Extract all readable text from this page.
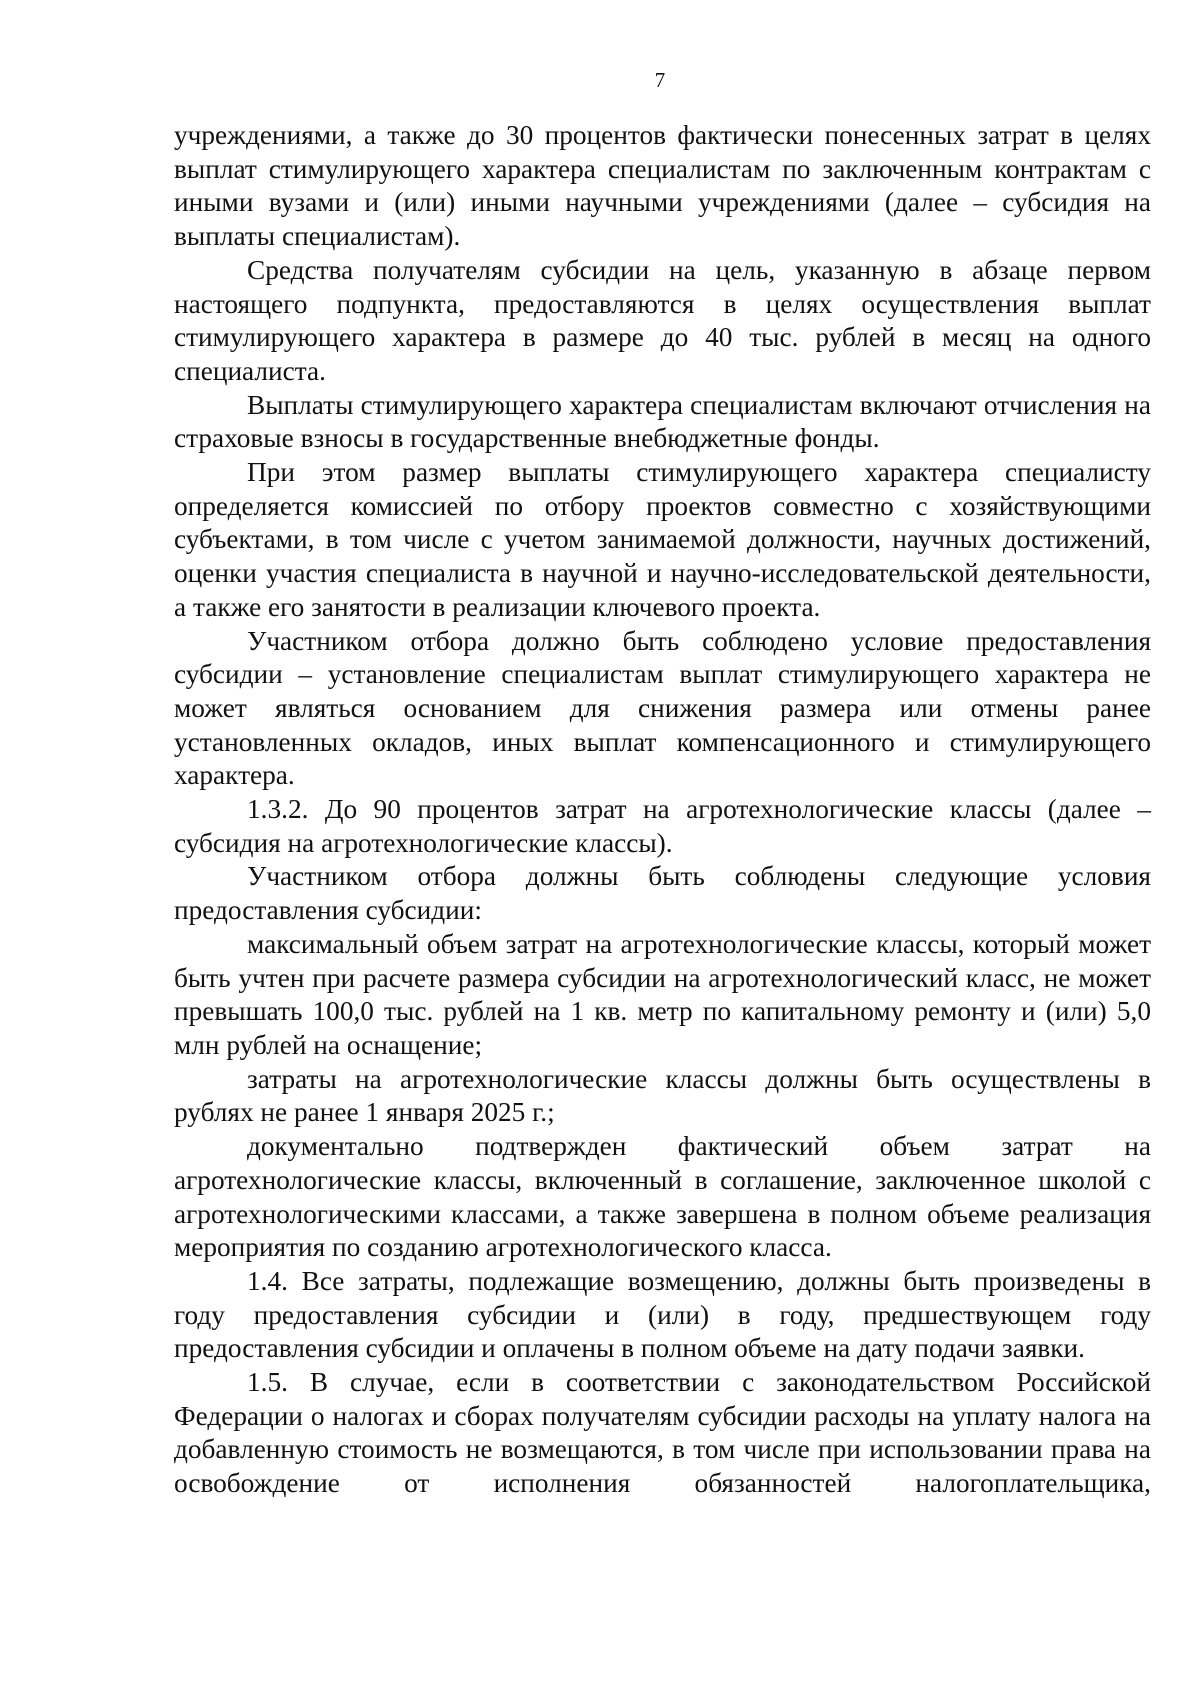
7

учреждениями, а также до 30 процентов фактически понесенных затрат в целях выплат стимулирующего характера специалистам по заключенным контрактам с иными вузами и (или) иными научными учреждениями (далее – субсидия на выплаты специалистам).

Средства получателям субсидии на цель, указанную в абзаце первом настоящего подпункта, предоставляются в целях осуществления выплат стимулирующего характера в размере до 40 тыс. рублей в месяц на одного специалиста.

Выплаты стимулирующего характера специалистам включают отчисления на страховые взносы в государственные внебюджетные фонды.

При этом размер выплаты стимулирующего характера специалисту определяется комиссией по отбору проектов совместно с хозяйствующими субъектами, в том числе с учетом занимаемой должности, научных достижений, оценки участия специалиста в научной и научно-исследовательской деятельности, а также его занятости в реализации ключевого проекта.

Участником отбора должно быть соблюдено условие предоставления субсидии – установление специалистам выплат стимулирующего характера не может являться основанием для снижения размера или отмены ранее установленных окладов, иных выплат компенсационного и стимулирующего характера.

1.3.2. До 90 процентов затрат на агротехнологические классы (далее – субсидия на агротехнологические классы).

Участником отбора должны быть соблюдены следующие условия предоставления субсидии:

максимальный объем затрат на агротехнологические классы, который может быть учтен при расчете размера субсидии на агротехнологический класс, не может превышать 100,0 тыс. рублей на 1 кв. метр по капитальному ремонту и (или) 5,0 млн рублей на оснащение;

затраты на агротехнологические классы должны быть осуществлены в рублях не ранее 1 января 2025 г.;

документально подтвержден фактический объем затрат на агротехнологические классы, включенный в соглашение, заключенное школой с агротехнологическими классами, а также завершена в полном объеме реализация мероприятия по созданию агротехнологического класса.

1.4. Все затраты, подлежащие возмещению, должны быть произведены в году предоставления субсидии и (или) в году, предшествующем году предоставления субсидии и оплачены в полном объеме на дату подачи заявки.

1.5. В случае, если в соответствии с законодательством Российской Федерации о налогах и сборах получателям субсидии расходы на уплату налога на добавленную стоимость не возмещаются, в том числе при использовании права на освобождение от исполнения обязанностей налогоплательщика,
